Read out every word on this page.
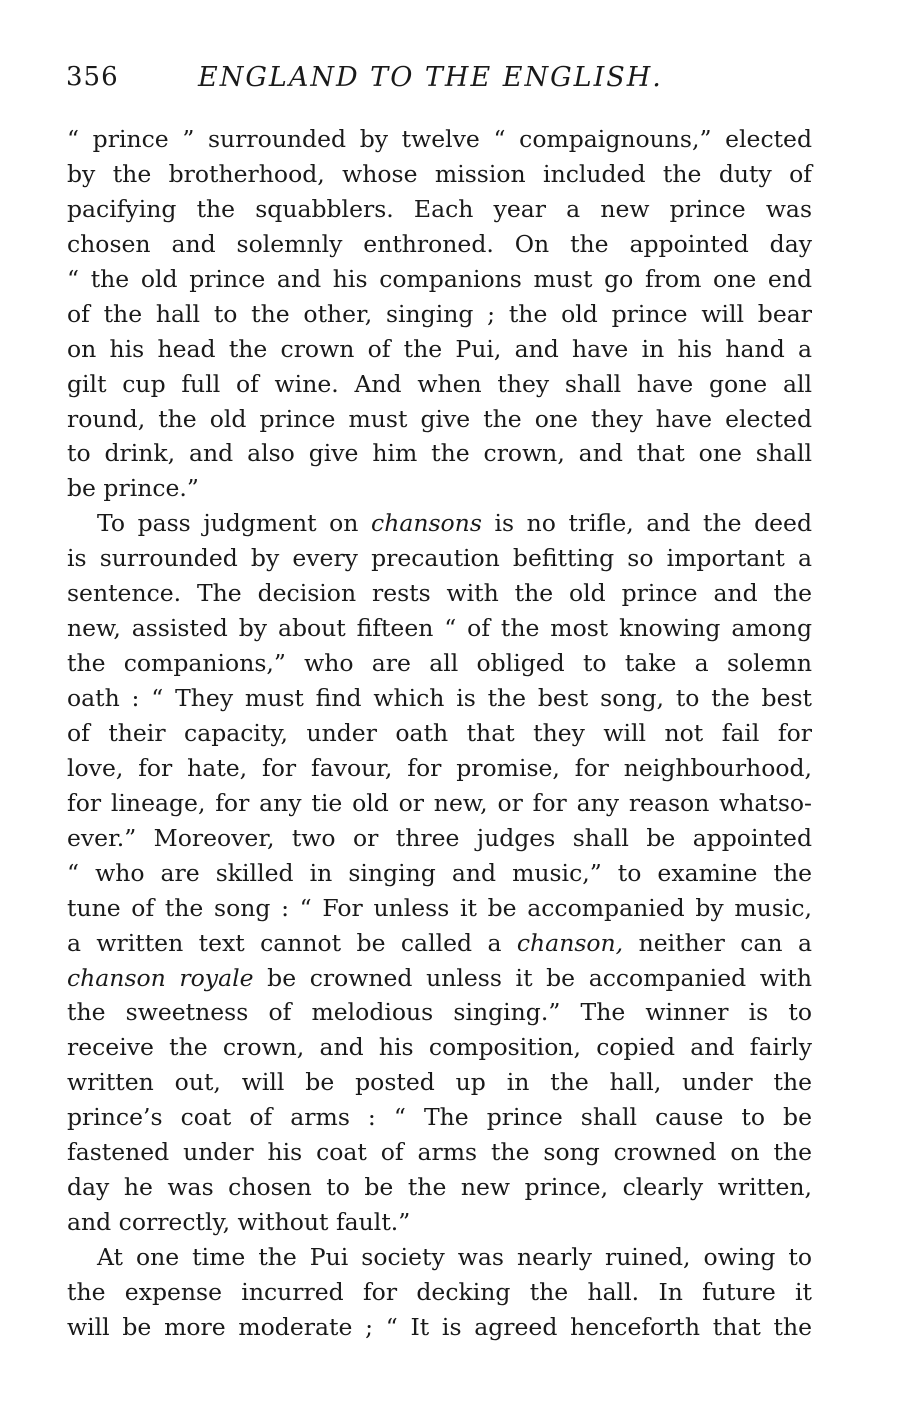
356	ENGLAND TO THE ENGLISH.
“ prince ” surrounded by twelve “ compaignouns,” elected
by the brotherhood, whose mission included the duty of
pacifying the squabblers. Each year a new prince was
chosen and solemnly enthroned. On the appointed day
“ the old prince and his companions must go from one end
of the hall to the other, singing ; the old prince will bear
on his head the crown of the Pui, and have in his hand a
gilt cup full of wine. And when they shall have gone all
round, the old prince must give the one they have elected
to drink, and also give him the crown, and that one shall
be prince.”
To pass judgment on chansons is no trifle, and the deed
is surrounded by every precaution befitting so important a
sentence. The decision rests with the old prince and the
new, assisted by about fifteen “ of the most knowing among
the companions,” who are all obliged to take a solemn
oath : “ They must find which is the best song, to the best
of their capacity, under oath that they will not fail for
love, for hate, for favour, for promise, for neighbourhood,
for lineage, for any tie old or new, or for any reason whatso-
ever.” Moreover, two or three judges shall be appointed
“ who are skilled in singing and music,” to examine the
tune of the song : “ For unless it be accompanied by music,
a written text cannot be called a chanson, neither can a
chanson royale be crowned unless it be accompanied with
the sweetness of melodious singing.” The winner is to
receive the crown, and his composition, copied and fairly
written out, will be posted up in the hall, under the
prince’s coat of arms : “ The prince shall cause to be
fastened under his coat of arms the song crowned on the
day he was chosen to be the new prince, clearly written,
and correctly, without fault.”
At one time the Pui society was nearly ruined, owing to
the expense incurred for decking the hall. In future it
will be more moderate ; “ It is agreed henceforth that the
